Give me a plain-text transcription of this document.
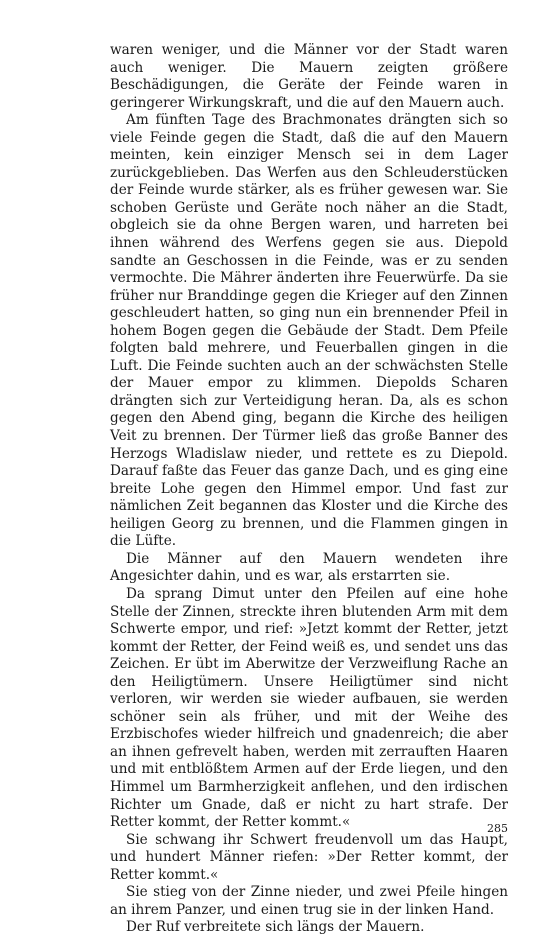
waren weniger, und die Männer vor der Stadt waren auch weniger. Die Mauern zeigten größere Beschädigungen, die Geräte der Feinde waren in geringerer Wirkungskraft, und die auf den Mauern auch.

Am fünften Tage des Brachmonates drängten sich so viele Feinde gegen die Stadt, daß die auf den Mauern meinten, kein einziger Mensch sei in dem Lager zurückgeblieben. Das Werfen aus den Schleuderstücken der Feinde wurde stärker, als es früher gewesen war. Sie schoben Gerüste und Geräte noch näher an die Stadt, obgleich sie da ohne Bergen waren, und harreten bei ihnen während des Werfens gegen sie aus. Diepold sandte an Geschossen in die Feinde, was er zu senden vermochte. Die Mährer änderten ihre Feuerwürfe. Da sie früher nur Branddinge gegen die Krieger auf den Zinnen geschleudert hatten, so ging nun ein brennender Pfeil in hohem Bogen gegen die Gebäude der Stadt. Dem Pfeile folgten bald mehrere, und Feuerballen gingen in die Luft. Die Feinde suchten auch an der schwächsten Stelle der Mauer empor zu klimmen. Diepolds Scharen drängten sich zur Verteidigung heran. Da, als es schon gegen den Abend ging, begann die Kirche des heiligen Veit zu brennen. Der Türmer ließ das große Banner des Herzogs Wladislaw nieder, und rettete es zu Diepold. Darauf faßte das Feuer das ganze Dach, und es ging eine breite Lohe gegen den Himmel empor. Und fast zur nämlichen Zeit begannen das Kloster und die Kirche des heiligen Georg zu brennen, und die Flammen gingen in die Lüfte.

Die Männer auf den Mauern wendeten ihre Angesichter dahin, und es war, als erstarrten sie.

Da sprang Dimut unter den Pfeilen auf eine hohe Stelle der Zinnen, streckte ihren blutenden Arm mit dem Schwerte empor, und rief: »Jetzt kommt der Retter, jetzt kommt der Retter, der Feind weiß es, und sendet uns das Zeichen. Er übt im Aberwitze der Verzweiflung Rache an den Heiligtümern. Unsere Heiligtümer sind nicht verloren, wir werden sie wieder aufbauen, sie werden schöner sein als früher, und mit der Weihe des Erzbischofes wieder hilfreich und gnadenreich; die aber an ihnen gefrevelt haben, werden mit zerrauften Haaren und mit entblößtem Armen auf der Erde liegen, und den Himmel um Barmherzigkeit anflehen, und den irdischen Richter um Gnade, daß er nicht zu hart strafe. Der Retter kommt, der Retter kommt.«

Sie schwang ihr Schwert freudenvoll um das Haupt, und hundert Männer riefen: »Der Retter kommt, der Retter kommt.«

Sie stieg von der Zinne nieder, und zwei Pfeile hingen an ihrem Panzer, und einen trug sie in der linken Hand.

Der Ruf verbreitete sich längs der Mauern.

285
